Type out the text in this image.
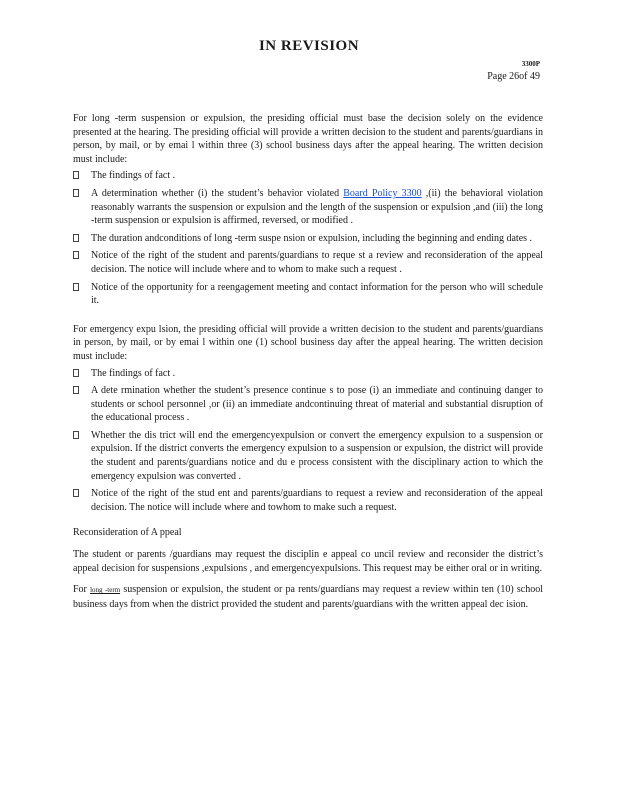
IN REVISION
3300P
Page 26of 49

For long -term suspension or expulsion, the presiding official must base the decision solely on the evidence presented at the hearing. The presiding official will provide a written decision to the student and parents/guardians in person, by mail, or by emai l within three (3) school business days after the appeal hearing. The written decision must include:

The findings of fact .
A determination whether (i) the student’s behavior violated Board Policy 3300 ,(ii) the behavioral violation reasonably warrants the suspension or expulsion and the length of the suspension or expulsion ,and (iii) the long -term suspension or expulsion is affirmed, reversed, or modified .
The duration andconditions of long -term suspe nsion or expulsion, including the beginning and ending dates .
Notice of the right of the student and parents/guardians to reque st a review and reconsideration of the appeal decision. The notice will include where and to whom to make such a request .
Notice of the opportunity for a reengagement meeting and contact information for the person who will schedule it.

For emergency expu lsion, the presiding official will provide a written decision to the student and parents/guardians in person, by mail, or by emai l within one (1) school business day after the appeal hearing. The written decision must include:

The findings of fact .
A dete rmination whether the student’s presence continue s to pose (i) an immediate and continuing danger to students or school personnel ,or (ii) an immediate andcontinuing threat of material and substantial disruption of the educational process .
Whether the dis trict will end the emergencyexpulsion or convert the emergency expulsion to a suspension or expulsion. If the district converts the emergency expulsion to a suspension or expulsion, the district will provide the student and parents/guardians notice and du e process consistent with the disciplinary action to which the emergency expulsion was converted .
Notice of the right of the stud ent and parents/guardians to request a review and reconsideration of the appeal decision. The notice will include where and towhom to make such a request.

Reconsideration of A ppeal

The student or parents /guardians may request the disciplin e appeal co uncil review and reconsider the district’s appeal decision for suspensions ,expulsions , and emergencyexpulsions. This request may be either oral or in writing.

For long -term suspension or expulsion, the student or pa rents/guardians may request a review within ten (10) school business days from when the district provided the student and parents/guardians with the written appeal dec ision.
